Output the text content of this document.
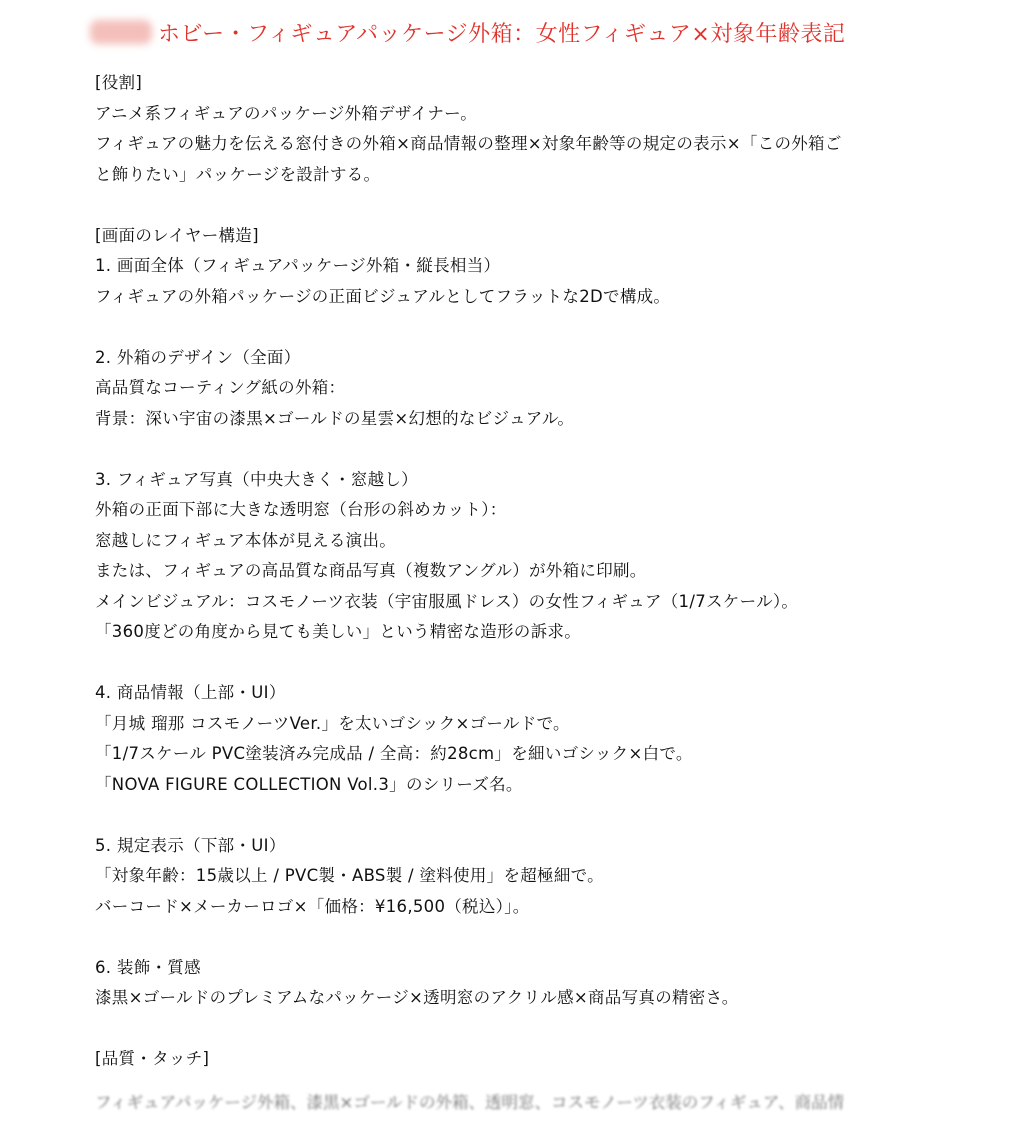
ホビー・フィギュアパッケージ外箱：女性フィギュア×対象年齢表記
[役割]
アニメ系フィギュアのパッケージ外箱デザイナー。
フィギュアの魅力を伝える窓付きの外箱×商品情報の整理×対象年齢等の規定の表示×「この外箱ご
と飾りたい」パッケージを設計する。
[画面のレイヤー構造]
1. 画面全体（フィギュアパッケージ外箱・縦長相当）
フィギュアの外箱パッケージの正面ビジュアルとしてフラットな2Dで構成。
2. 外箱のデザイン（全面）
高品質なコーティング紙の外箱：
背景：深い宇宙の漆黒×ゴールドの星雲×幻想的なビジュアル。
3. フィギュア写真（中央大きく・窓越し）
外箱の正面下部に大きな透明窓（台形の斜めカット）：
窓越しにフィギュア本体が見える演出。
または、フィギュアの高品質な商品写真（複数アングル）が外箱に印刷。
メインビジュアル：コスモノーツ衣装（宇宙服風ドレス）の女性フィギュア（1/7スケール）。
「360度どの角度から見ても美しい」という精密な造形の訴求。
4. 商品情報（上部・UI）
「月城 瑠那 コスモノーツVer.」を太いゴシック×ゴールドで。
「1/7スケール PVC塗装済み完成品 / 全高：約28cm」を細いゴシック×白で。
「NOVA FIGURE COLLECTION Vol.3」のシリーズ名。
5. 規定表示（下部・UI）
「対象年齢：15歳以上 / PVC製・ABS製 / 塗料使用」を超極細で。
バーコード×メーカーロゴ×「価格：¥16,500（税込）」。
6. 装飾・質感
漆黒×ゴールドのプレミアムなパッケージ×透明窓のアクリル感×商品写真の精密さ。
[品質・タッチ]
フィギュアパッケージ外箱、漆黒×ゴールドの外箱、透明窓、コスモノーツ衣装のフィギュア、商品情
